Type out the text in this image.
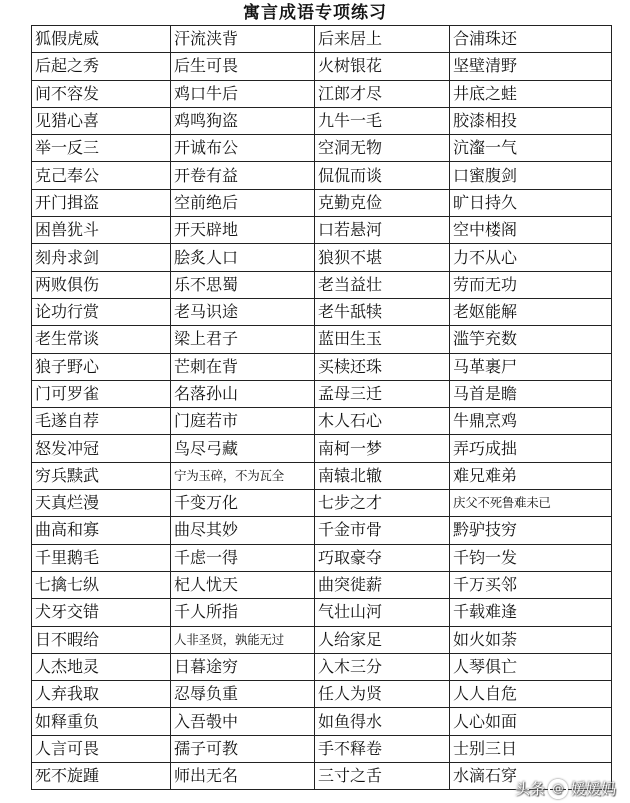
寓言成语专项练习
狐假虎威	汗流浃背	后来居上	合浦珠还
后起之秀	后生可畏	火树银花	坚壁清野
间不容发	鸡口牛后	江郎才尽	井底之蛙
见猎心喜	鸡鸣狗盗	九牛一毛	胶漆相投
举一反三	开诚布公	空洞无物	沆瀣一气
克己奉公	开卷有益	侃侃而谈	口蜜腹剑
开门揖盗	空前绝后	克勤克俭	旷日持久
困兽犹斗	开天辟地	口若悬河	空中楼阁
刻舟求剑	脍炙人口	狼狈不堪	力不从心
两败俱伤	乐不思蜀	老当益壮	劳而无功
论功行赏	老马识途	老牛舐犊	老妪能解
老生常谈	梁上君子	蓝田生玉	滥竽充数
狼子野心	芒刺在背	买椟还珠	马革裹尸
门可罗雀	名落孙山	孟母三迁	马首是瞻
毛遂自荐	门庭若市	木人石心	牛鼎烹鸡
怒发冲冠	鸟尽弓藏	南柯一梦	弄巧成拙
穷兵黩武	宁为玉碎，不为瓦全	南辕北辙	难兄难弟
天真烂漫	千变万化	七步之才	庆父不死鲁难未已
曲高和寡	曲尽其妙	千金市骨	黔驴技穷
千里鹅毛	千虑一得	巧取豪夺	千钧一发
七擒七纵	杞人忧天	曲突徙薪	千万买邻
犬牙交错	千人所指	气壮山河	千载难逢
日不暇给	人非圣贤，孰能无过	人给家足	如火如荼
人杰地灵	日暮途穷	入木三分	人琴俱亡
人弃我取	忍辱负重	任人为贤	人人自危
如释重负	入吾彀中	如鱼得水	人心如面
人言可畏	孺子可教	手不释卷	士别三日
死不旋踵	师出无名	三寸之舌	水滴石穿
头条 @ 媛媛妈
